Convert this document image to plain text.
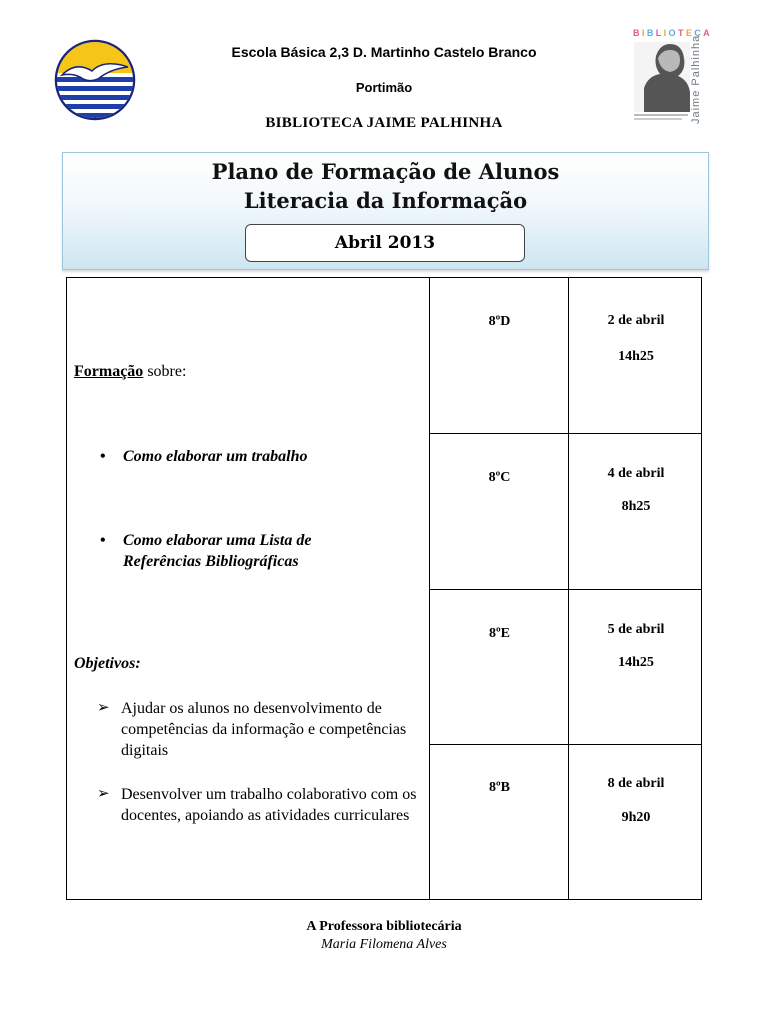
BIBLIOTECA
Jaime Palhinha
Escola Básica 2,3 D. Martinho Castelo Branco
Portimão
BIBLIOTECA JAIME PALHINHA
Plano de Formação de Alunos
Literacia da Informação
Abril 2013
Formação sobre:
• Como elaborar um trabalho
• Como elaborar uma Lista de Referências Bibliográficas
Objetivos:
➢ Ajudar os alunos no desenvolvimento de competências da informação e competências digitais
➢ Desenvolver um trabalho colaborativo com os docentes, apoiando as atividades curriculares
8ºD	2 de abril
14h25
8ºC	4 de abril
8h25
8ºE	5 de abril
14h25
8ºB	8 de abril
9h20
A Professora bibliotecária
Maria Filomena Alves
